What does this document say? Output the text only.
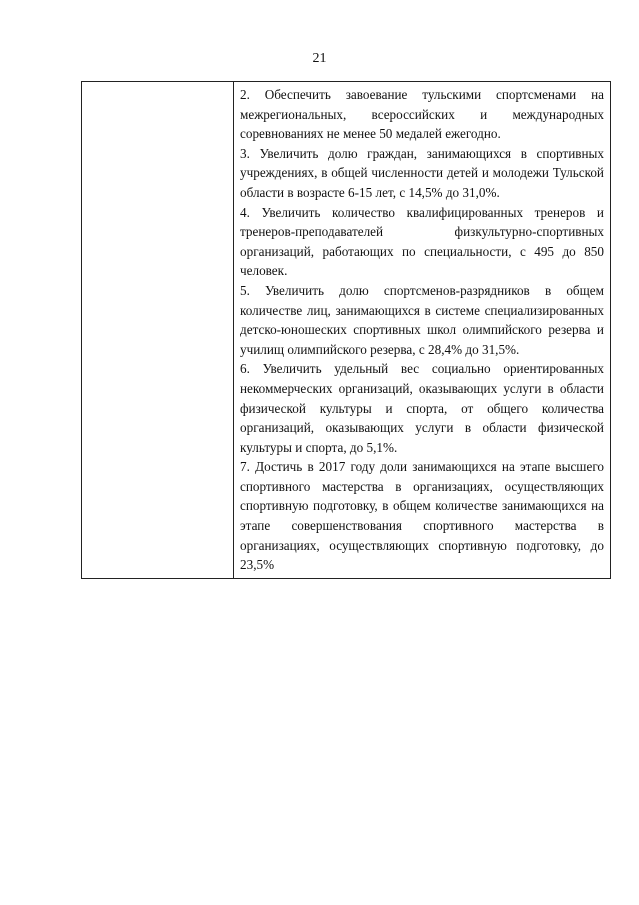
21

2. Обеспечить завоевание тульскими спортсменами на межрегиональных, всероссийских и международных соревнованиях не менее 50 медалей ежегодно.

3. Увеличить долю граждан, занимающихся в спортивных учреждениях, в общей численности детей и молодежи Тульской области в возрасте 6-15 лет, с 14,5% до 31,0%.

4. Увеличить количество квалифицированных тренеров и тренеров-преподавателей физкультурно-спортивных организаций, работающих по специальности, с 495 до 850 человек.

5. Увеличить долю спортсменов-разрядников в общем количестве лиц, занимающихся в системе специализированных детско-юношеских спортивных школ олимпийского резерва и училищ олимпийского резерва, с 28,4% до 31,5%.

6. Увеличить удельный вес социально ориентированных некоммерческих организаций, оказывающих услуги в области физической культуры и спорта, от общего количества организаций, оказывающих услуги в области физической культуры и спорта, до 5,1%.

7. Достичь в 2017 году доли занимающихся на этапе высшего спортивного мастерства в организациях, осуществляющих спортивную подготовку, в общем количестве занимающихся на этапе совершенствования спортивного мастерства в организациях, осуществляющих спортивную подготовку, до 23,5%
